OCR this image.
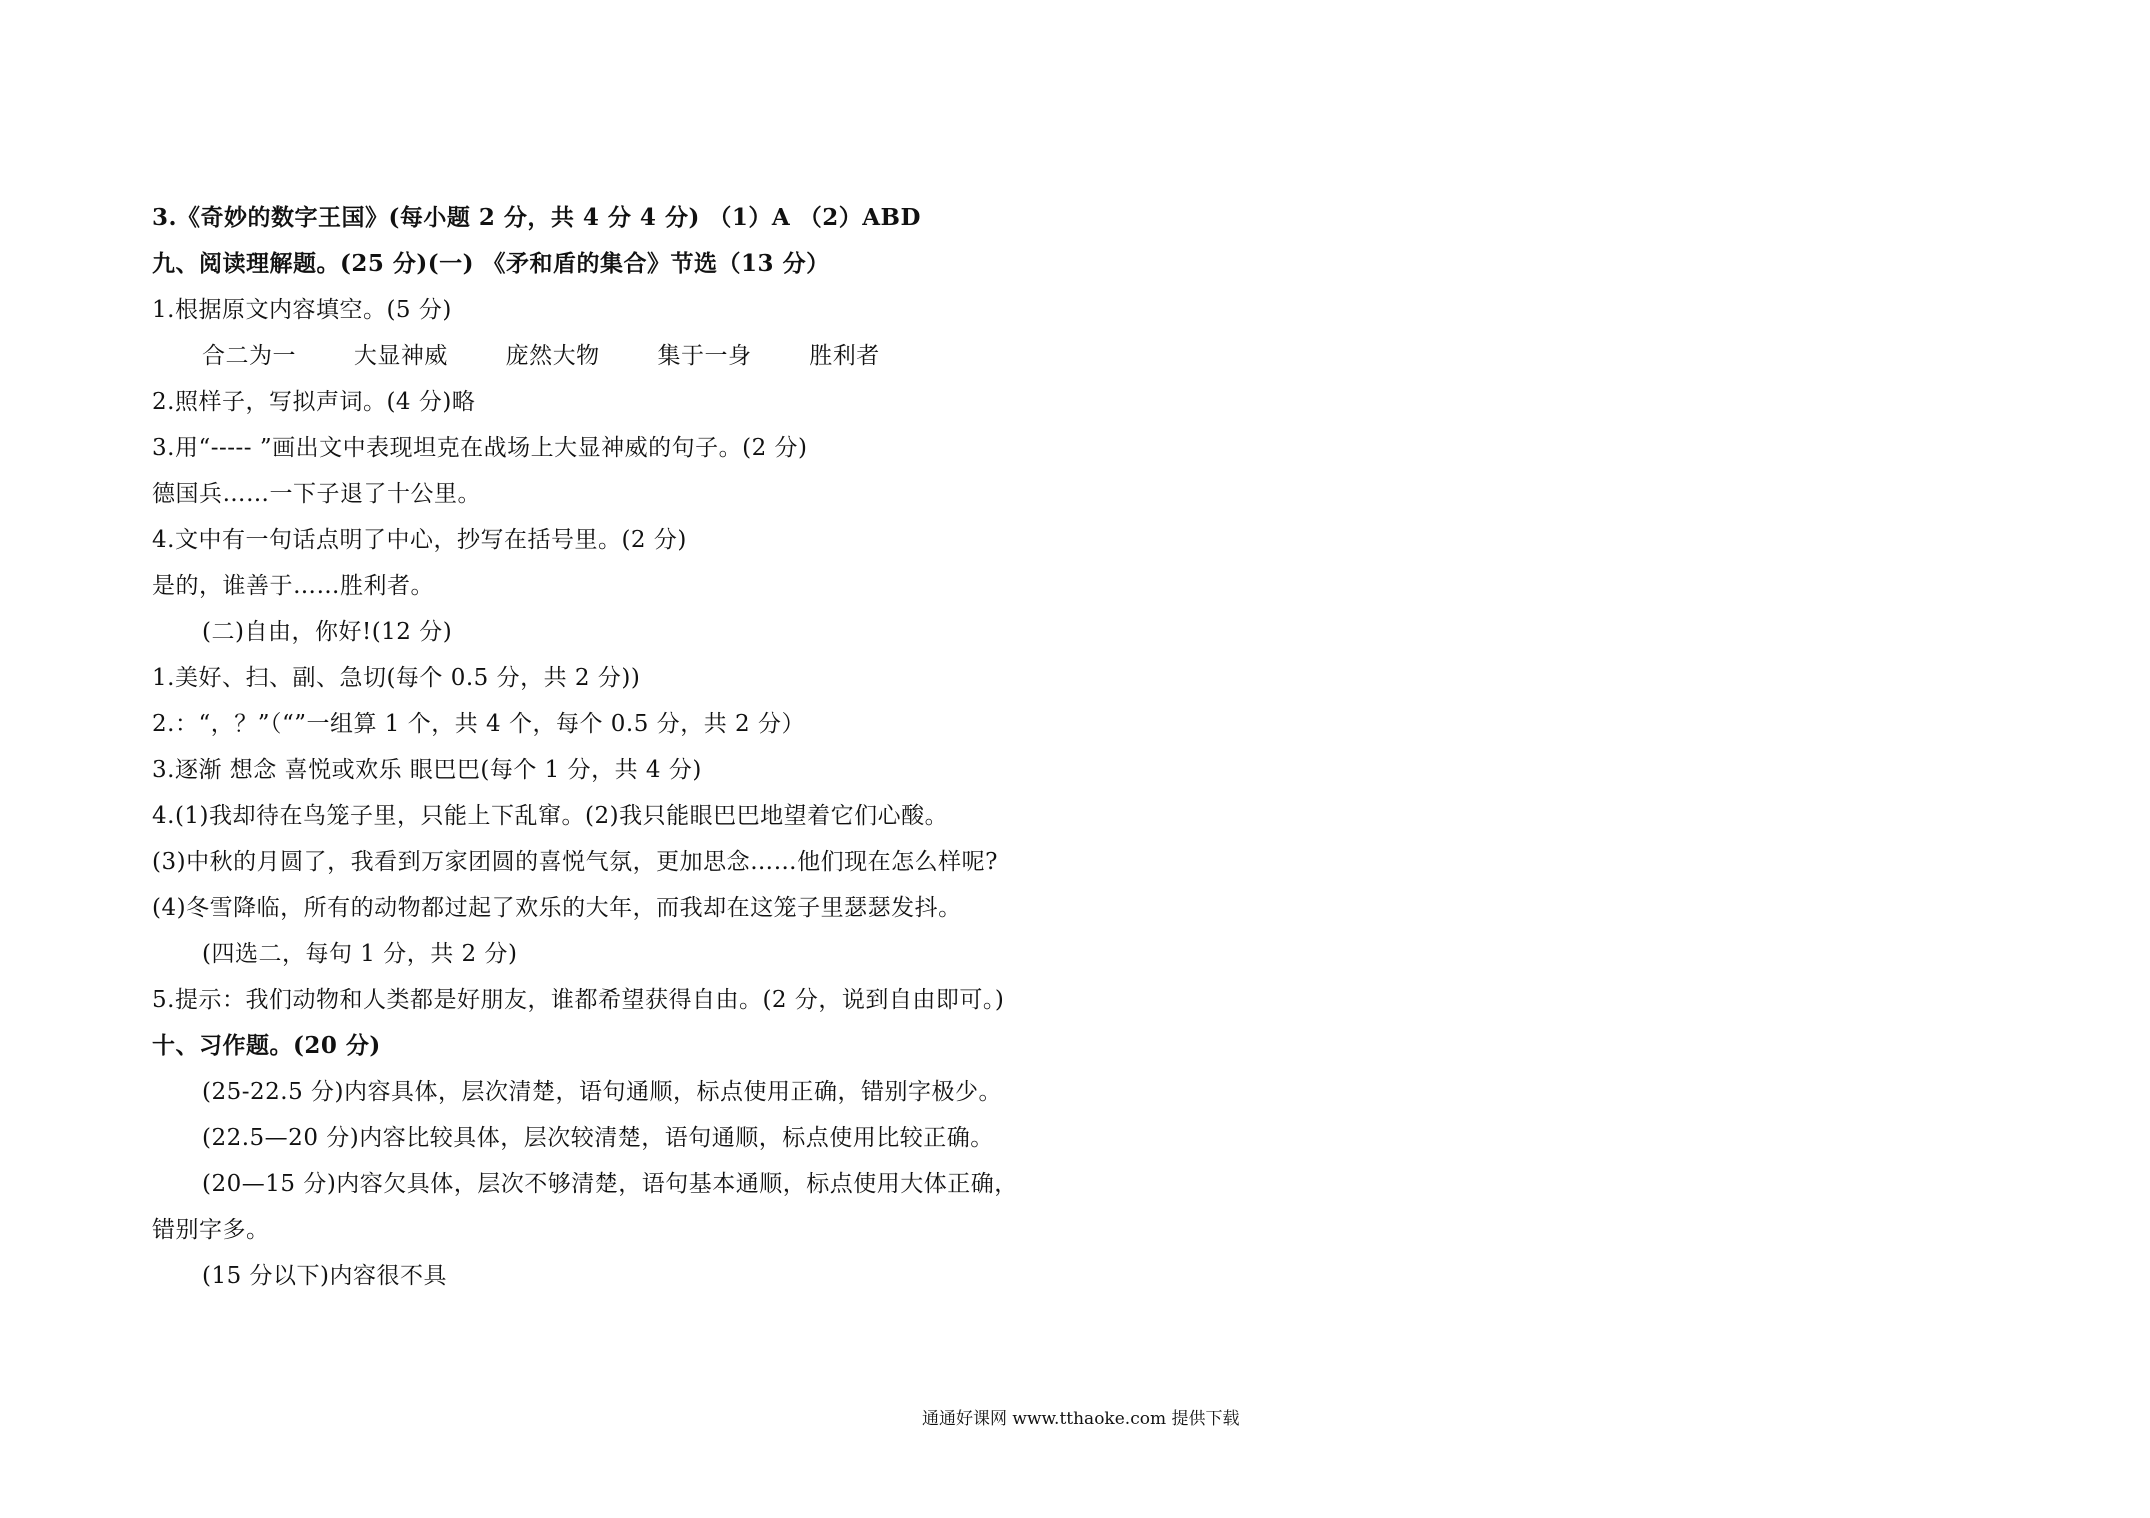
3.《奇妙的数字王国》(每小题 2 分，共 4 分 4 分) （1）A （2）ABD
九、阅读理解题。(25 分)(一) 《矛和盾的集合》节选（13 分）
1.根据原文内容填空。(5 分)
合二为一	大显神威	庞然大物	集于一身	胜利者
2.照样子，写拟声词。(4 分)略
3.用“----- ”画出文中表现坦克在战场上大显神威的句子。(2 分)
德国兵……一下子退了十公里。
4.文中有一句话点明了中心，抄写在括号里。(2 分)
是的，谁善于……胜利者。
(二)自由，你好!(12 分)
1.美好、扫、副、急切(每个 0.5 分，共 2 分))
2.：“，？”（“”一组算 1 个，共 4 个，每个 0.5 分，共 2 分）
3.逐渐 想念 喜悦或欢乐 眼巴巴(每个 1 分，共 4 分)
4.(1)我却待在鸟笼子里，只能上下乱窜。(2)我只能眼巴巴地望着它们心酸。
(3)中秋的月圆了，我看到万家团圆的喜悦气氛，更加思念……他们现在怎么样呢?
(4)冬雪降临，所有的动物都过起了欢乐的大年，而我却在这笼子里瑟瑟发抖。
(四选二，每句 1 分，共 2 分)
5.提示：我们动物和人类都是好朋友，谁都希望获得自由。(2 分，说到自由即可。)
十、习作题。(20 分)
(25-22.5 分)内容具体，层次清楚，语句通顺，标点使用正确，错别字极少。
(22.5—20 分)内容比较具体，层次较清楚，语句通顺，标点使用比较正确。
(20—15 分)内容欠具体，层次不够清楚，语句基本通顺，标点使用大体正确，
错别字多。
(15 分以下)内容很不具
通通好课网 www.tthaoke.com 提供下载
